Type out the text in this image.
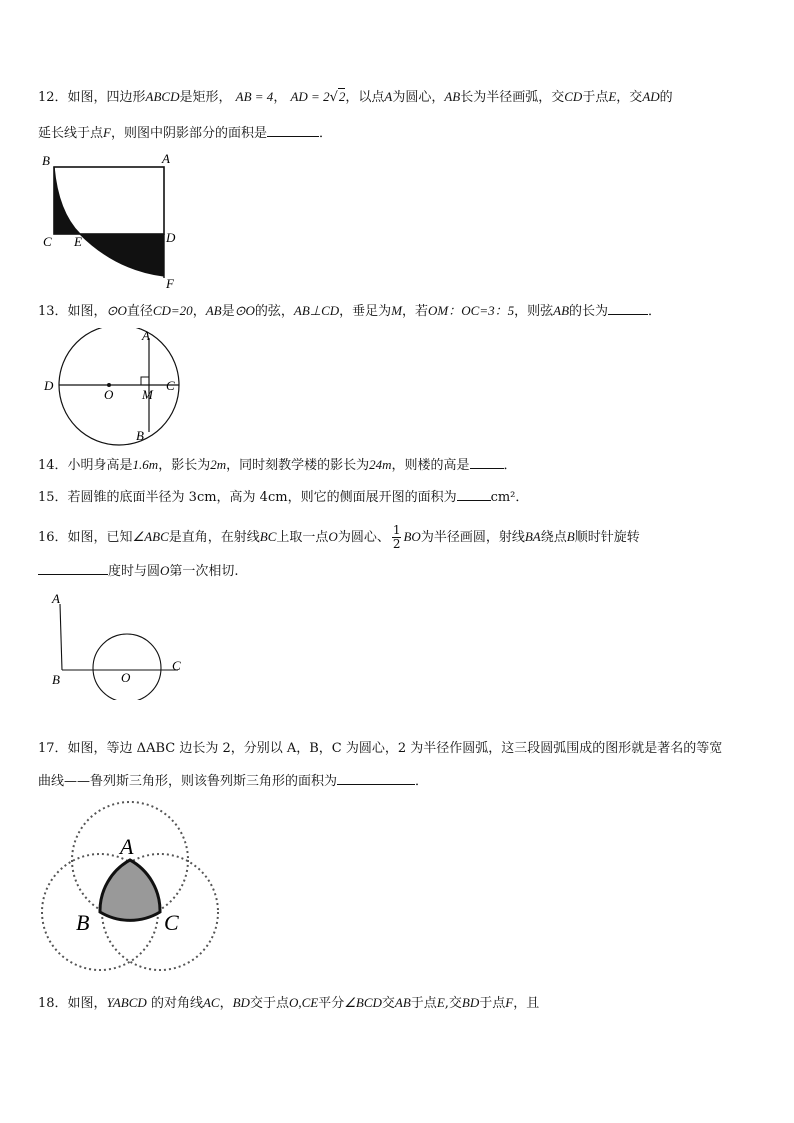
12．如图，四边形ABCD是矩形， AB = 4， AD = 2√2，以点A为圆心，AB长为半径画弧，交CD于点E，交AD的
延长线于点F，则图中阴影部分的面积是	．
B	A
C E	D
F
13．如图，⊙O直径CD=20，AB是⊙O的弦，AB⊥CD，垂足为M，若OM：OC=3：5，则弦AB的长为	．
A
D
O M
C
B
14．小明身高是1.6m，影长为2m，同时刻教学楼的影长为24m，则楼的高是	．
15．若圆锥的底面半径为 3cm，高为 4cm，则它的侧面展开图的面积为	cm²．
16．如图，已知∠ABC是直角，在射线BC上取一点O为圆心、 $\frac{1}{2}$ BO为半径画圆，射线BA绕点B顺时针旋转
度时与圆O第一次相切.
A
B	O
C
17．如图，等边 ΔABC 边长为 2，分别以 A，B，C 为圆心，2 为半径作圆弧，这三段圆弧围成的图形就是著名的等宽
曲线——鲁列斯三角形，则该鲁列斯三角形的面积为	．
A
B	C
18．如图，YABCD 的对角线AC，BD交于点O,CE平分∠BCD交AB于点E,交BD于点F，且
